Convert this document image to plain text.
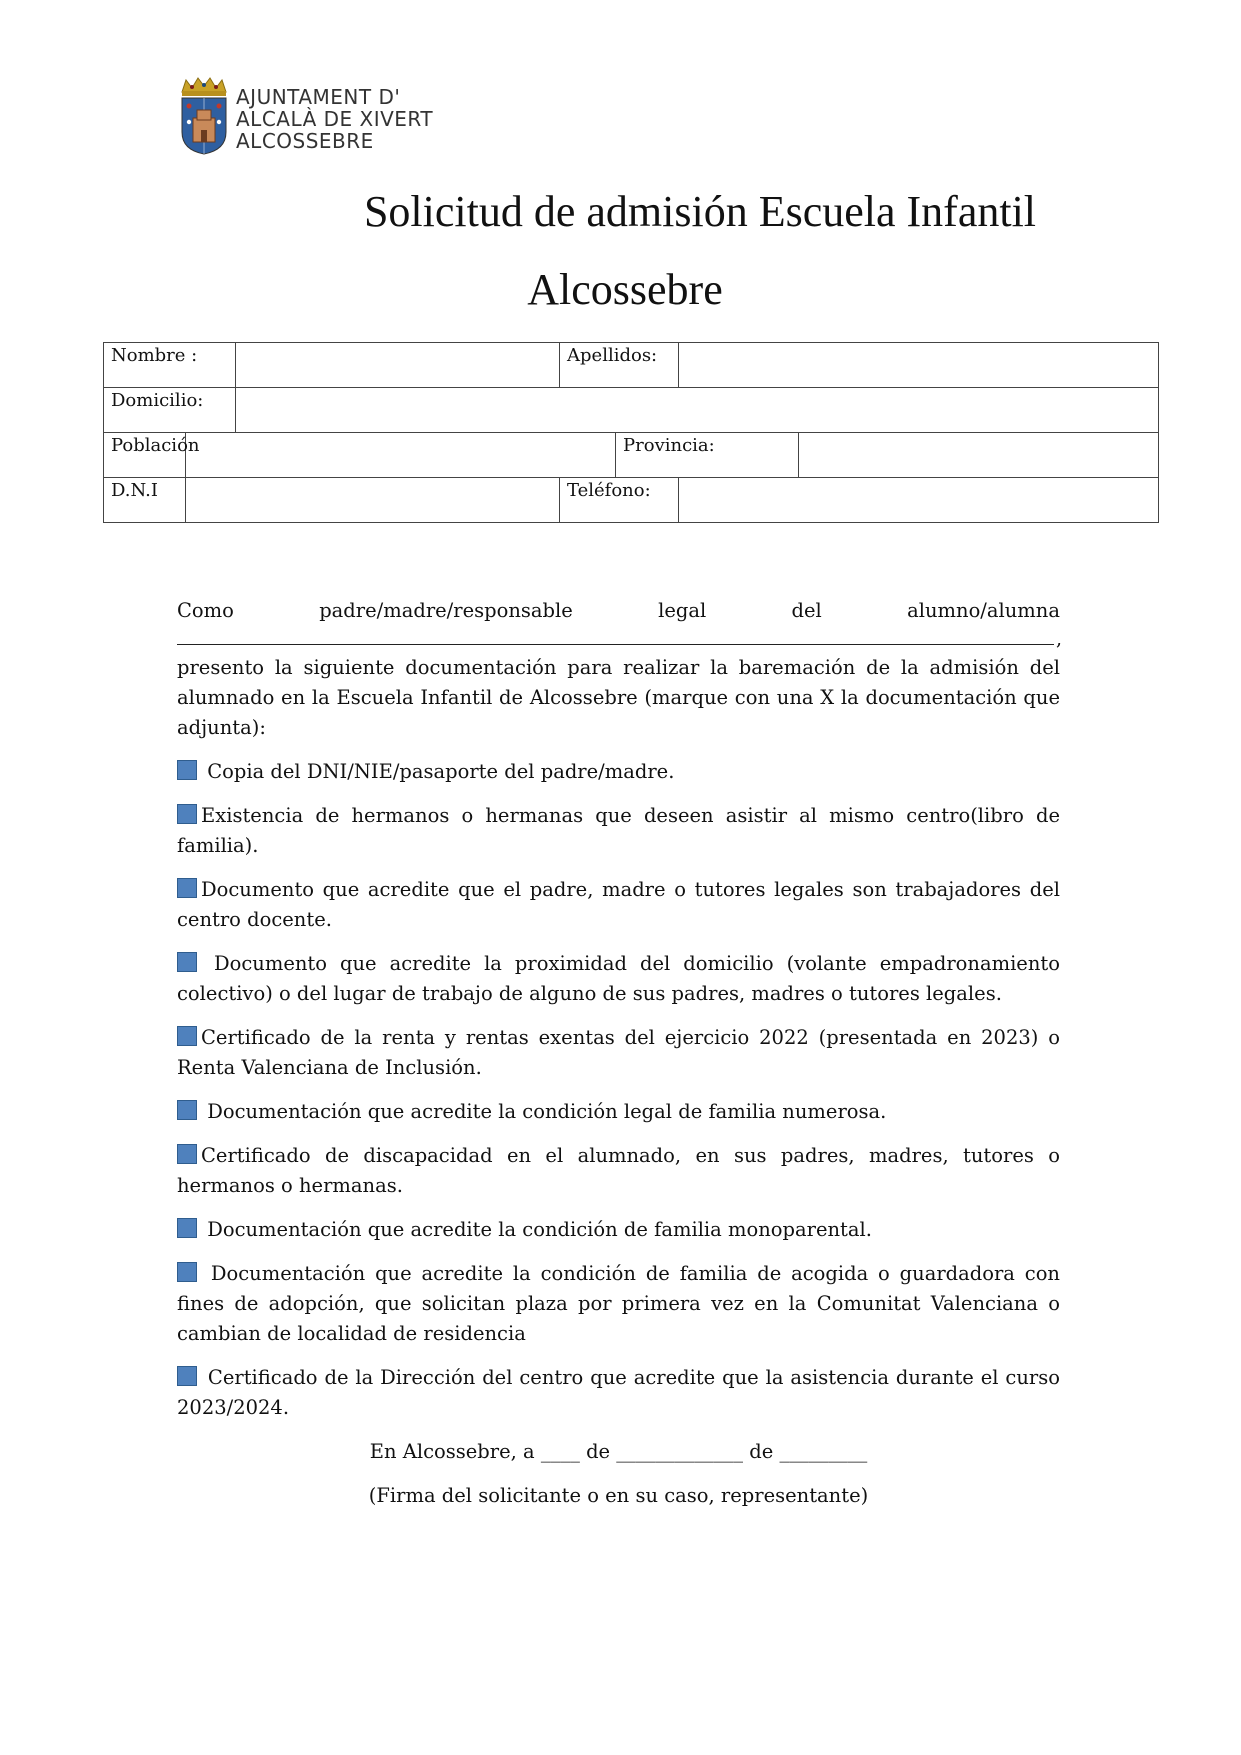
AJUNTAMENT D'
ALCALÀ DE XIVERT
ALCOSSEBRE
Solicitud de admisión Escuela Infantil
Alcossebre
Nombre :			Apellidos:			
Domicilio:						
Población				Provincia:		
D.N.I			Teléfono:			
Como	padre/madre/responsable	legal	del	alumno/alumna
,

presento la siguiente documentación para realizar la baremación de la admisión del alumnado en la Escuela Infantil de Alcossebre (marque con una X la documentación que adjunta):

Copia del DNI/NIE/pasaporte del padre/madre.

Existencia de hermanos o hermanas que deseen asistir al mismo centro(libro de familia).

Documento que acredite que el padre, madre o tutores legales son trabajadores del centro docente.

Documento que acredite la proximidad del domicilio (volante empadronamiento colectivo) o del lugar de trabajo de alguno de sus padres, madres o tutores legales.

Certificado de la renta y rentas exentas del ejercicio 2022 (presentada en 2023) o Renta Valenciana de Inclusión.

Documentación que acredite la condición legal de familia numerosa.

Certificado de discapacidad en el alumnado, en sus padres, madres, tutores o hermanos o hermanas.

Documentación que acredite la condición de familia monoparental.

Documentación que acredite la condición de familia de acogida o guardadora con fines de adopción, que solicitan plaza por primera vez en la Comunitat Valenciana o cambian de localidad de residencia

Certificado de la Dirección del centro que acredite que la asistencia durante el curso 2023/2024.

En Alcossebre, a ____ de _____________ de _________

(Firma del solicitante o en su caso, representante)
